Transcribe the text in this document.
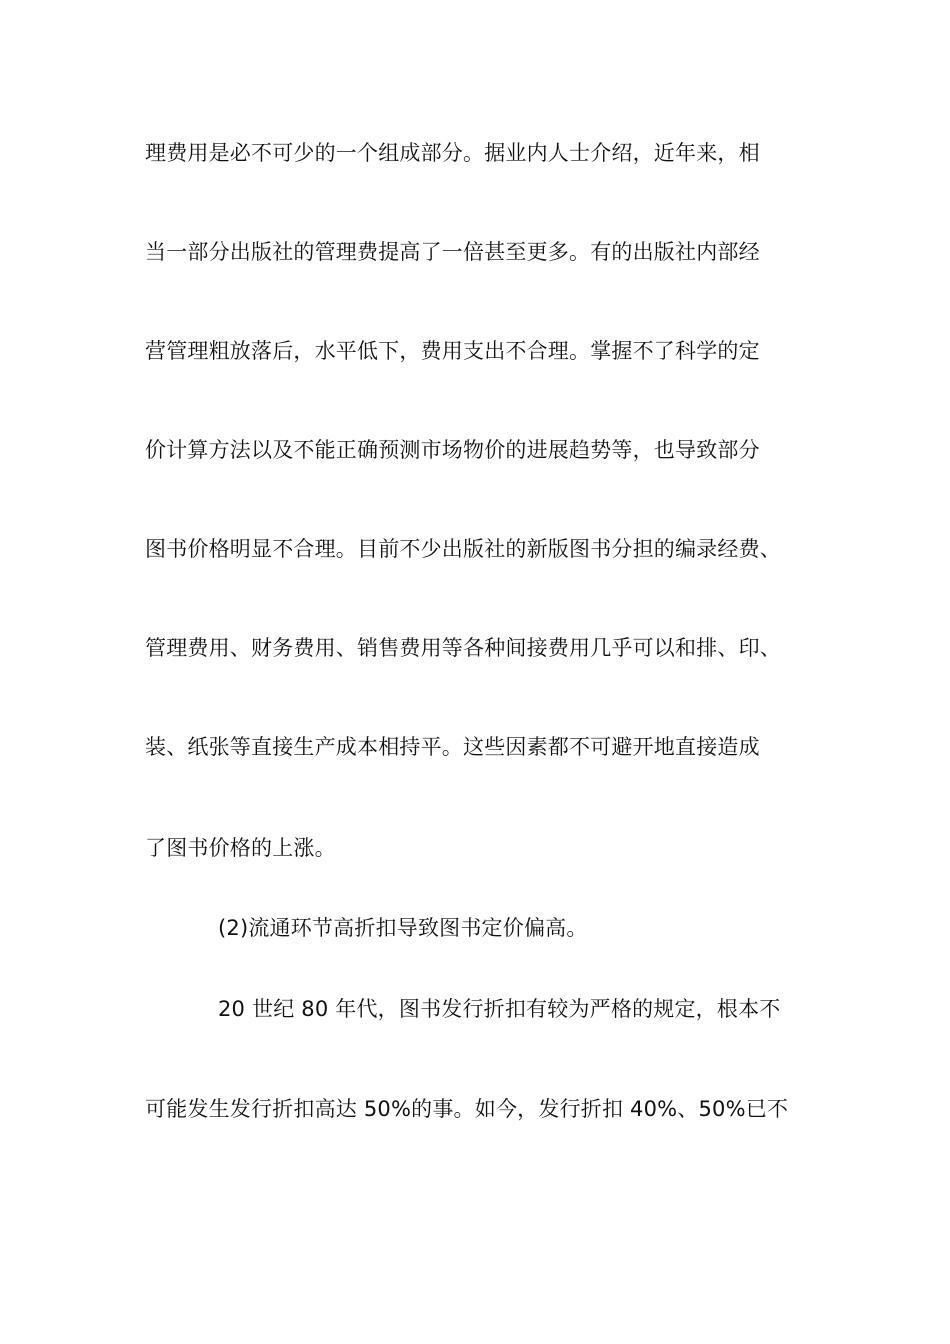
理费用是必不可少的一个组成部分。据业内人士介绍，近年来，相
当一部分出版社的管理费提高了一倍甚至更多。有的出版社内部经
营管理粗放落后，水平低下，费用支出不合理。掌握不了科学的定
价计算方法以及不能正确预测市场物价的进展趋势等，也导致部分
图书价格明显不合理。目前不少出版社的新版图书分担的编录经费、
管理费用、财务费用、销售费用等各种间接费用几乎可以和排、印、
装、纸张等直接生产成本相持平。这些因素都不可避开地直接造成
了图书价格的上涨。
(2)流通环节高折扣导致图书定价偏高。
20 世纪 80 年代，图书发行折扣有较为严格的规定，根本不
可能发生发行折扣高达 50%的事。如今，发行折扣 40%、50%已不
